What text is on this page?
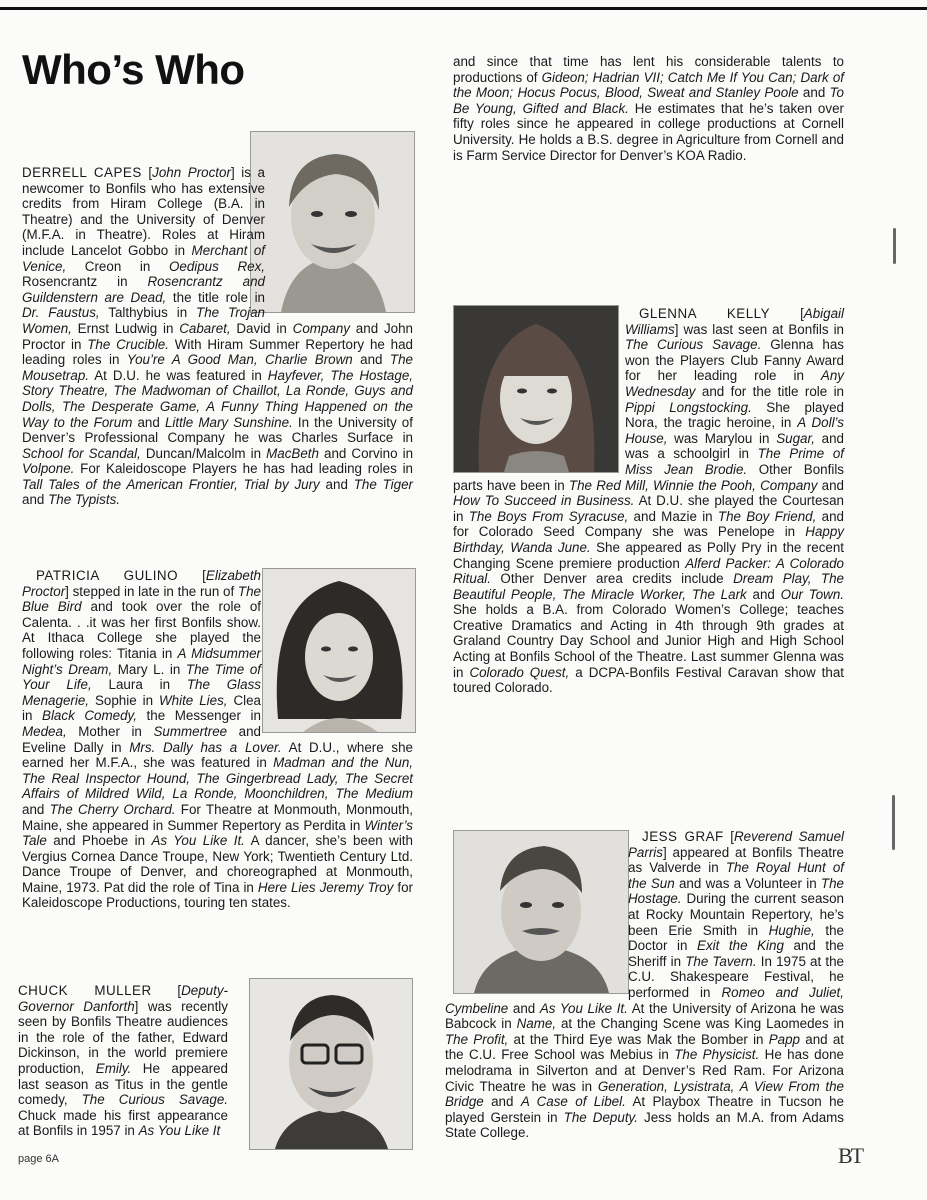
Who’s Who
DERRELL CAPES [John Proctor] is a newcomer to Bonfils who has extensive credits from Hiram College (B.A. in Theatre) and the University of Denver (M.F.A. in Theatre). Roles at Hiram include Lancelot Gobbo in Merchant of Venice, Creon in Oedipus Rex, Rosencrantz in Rosencrantz and Guildenstern are Dead, the title role in Dr. Faustus, Talthybius in The Trojan Women, Ernst Ludwig in Cabaret, David in Company and John Proctor in The Crucible. With Hiram Summer Repertory he had leading roles in You’re A Good Man, Charlie Brown and The Mousetrap. At D.U. he was featured in Hayfever, The Hostage, Story Theatre, The Madwoman of Chaillot, La Ronde, Guys and Dolls, The Desperate Game, A Funny Thing Happened on the Way to the Forum and Little Mary Sunshine. In the University of Denver’s Professional Company he was Charles Surface in School for Scandal, Duncan/Malcolm in MacBeth and Corvino in Volpone. For Kaleidoscope Players he has had leading roles in Tall Tales of the American Frontier, Trial by Jury and The Tiger and The Typists.
PATRICIA GULINO [Elizabeth Proctor] stepped in late in the run of The Blue Bird and took over the role of Calenta. . .it was her first Bonfils show. At Ithaca College she played the following roles: Titania in A Midsummer Night’s Dream, Mary L. in The Time of Your Life, Laura in The Glass Menagerie, Sophie in White Lies, Clea in Black Comedy, the Messenger in Medea, Mother in Summertree and Eveline Dally in Mrs. Dally has a Lover. At D.U., where she earned her M.F.A., she was featured in Madman and the Nun, The Real Inspector Hound, The Gingerbread Lady, The Secret Affairs of Mildred Wild, La Ronde, Moonchildren, The Medium and The Cherry Orchard. For Theatre at Monmouth, Monmouth, Maine, she appeared in Summer Repertory as Perdita in Winter’s Tale and Phoebe in As You Like It. A dancer, she’s been with Vergius Cornea Dance Troupe, New York; Twentieth Century Ltd. Dance Troupe of Denver, and choreographed at Monmouth, Maine, 1973. Pat did the role of Tina in Here Lies Jeremy Troy for Kaleidoscope Productions, touring ten states.
CHUCK MULLER [Deputy-Governor Danforth] was recently seen by Bonfils Theatre audiences in the role of the father, Edward Dickinson, in the world premiere production, Emily. He appeared last season as Titus in the gentle comedy, The Curious Savage. Chuck made his first appearance at Bonfils in 1957 in As You Like It
and since that time has lent his considerable talents to productions of Gideon; Hadrian VII; Catch Me If You Can; Dark of the Moon; Hocus Pocus, Blood, Sweat and Stanley Poole and To Be Young, Gifted and Black. He estimates that he’s taken over fifty roles since he appeared in college productions at Cornell University. He holds a B.S. degree in Agriculture from Cornell and is Farm Service Director for Denver’s KOA Radio.
GLENNA KELLY [Abigail Williams] was last seen at Bonfils in The Curious Savage. Glenna has won the Players Club Fanny Award for her leading role in Any Wednesday and for the title role in Pippi Longstocking. She played Nora, the tragic heroine, in A Doll’s House, was Marylou in Sugar, and was a schoolgirl in The Prime of Miss Jean Brodie. Other Bonfils parts have been in The Red Mill, Winnie the Pooh, Company and How To Succeed in Business. At D.U. she played the Courtesan in The Boys From Syracuse, and Mazie in The Boy Friend, and for Colorado Seed Company she was Penelope in Happy Birthday, Wanda June. She appeared as Polly Pry in the recent Changing Scene premiere production Alferd Packer: A Colorado Ritual. Other Denver area credits include Dream Play, The Beautiful People, The Miracle Worker, The Lark and Our Town. She holds a B.A. from Colorado Women’s College; teaches Creative Dramatics and Acting in 4th through 9th grades at Graland Country Day School and Junior High and High School Acting at Bonfils School of the Theatre. Last summer Glenna was in Colorado Quest, a DCPA-Bonfils Festival Caravan show that toured Colorado.
JESS GRAF [Reverend Samuel Parris] appeared at Bonfils Theatre as Valverde in The Royal Hunt of the Sun and was a Volunteer in The Hostage. During the current season at Rocky Mountain Repertory, he’s been Erie Smith in Hughie, the Doctor in Exit the King and the Sheriff in The Tavern. In 1975 at the C.U. Shakespeare Festival, he performed in Romeo and Juliet, Cymbeline and As You Like It. At the University of Arizona he was Babcock in Name, at the Changing Scene was King Laomedes in The Profit, at the Third Eye was Mak the Bomber in Papp and at the C.U. Free School was Mebius in The Physicist. He has done melodrama in Silverton and at Denver’s Red Ram. For Arizona Civic Theatre he was in Generation, Lysistrata, A View From the Bridge and A Case of Libel. At Playbox Theatre in Tucson he played Gerstein in The Deputy. Jess holds an M.A. from Adams State College.
page 6A	BT
